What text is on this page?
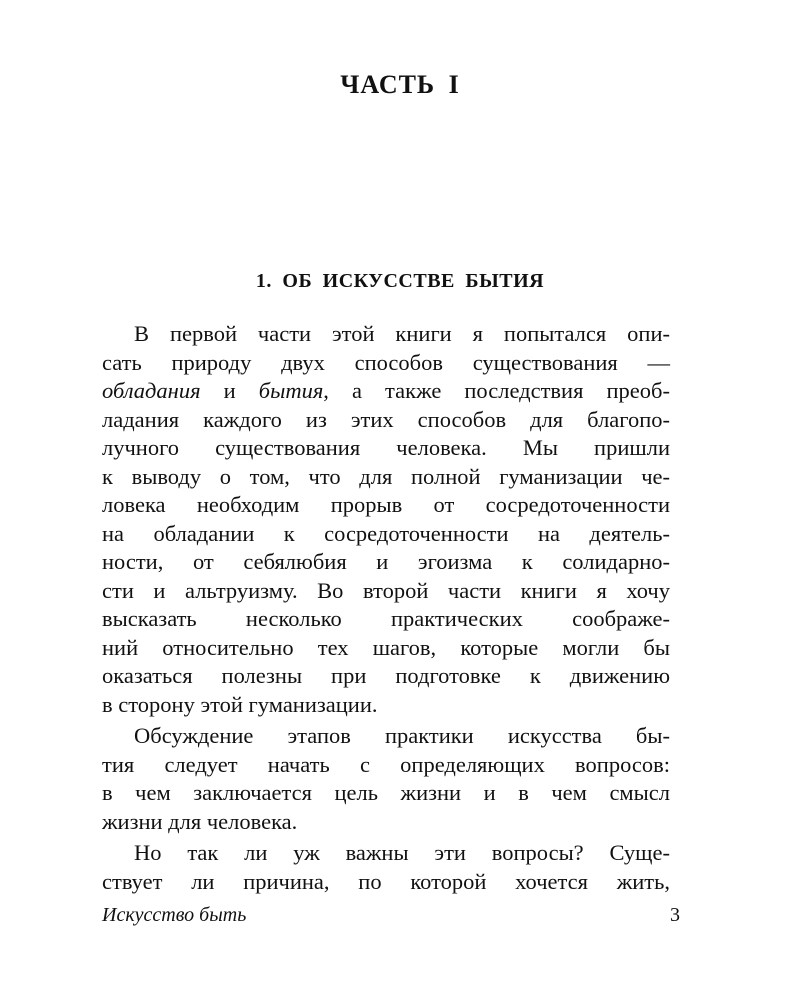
ЧАСТЬ I
1. ОБ ИСКУССТВЕ БЫТИЯ
В первой части этой книги я попытался опи-
сать природу двух способов существования —
обладания и бытия, а также последствия преоб-
ладания каждого из этих способов для благопо-
лучного существования человека. Мы пришли
к выводу о том, что для полной гуманизации че-
ловека необходим прорыв от сосредоточенности
на обладании к сосредоточенности на деятель-
ности, от себялюбия и эгоизма к солидарно-
сти и альтруизму. Во второй части книги я хочу
высказать несколько практических соображе-
ний относительно тех шагов, которые могли бы
оказаться полезны при подготовке к движению
в сторону этой гуманизации.
Обсуждение этапов практики искусства бы-
тия следует начать с определяющих вопросов:
в чем заключается цель жизни и в чем смысл
жизни для человека.
Но так ли уж важны эти вопросы? Суще-
ствует ли причина, по которой хочется жить,
Искусство быть	3
